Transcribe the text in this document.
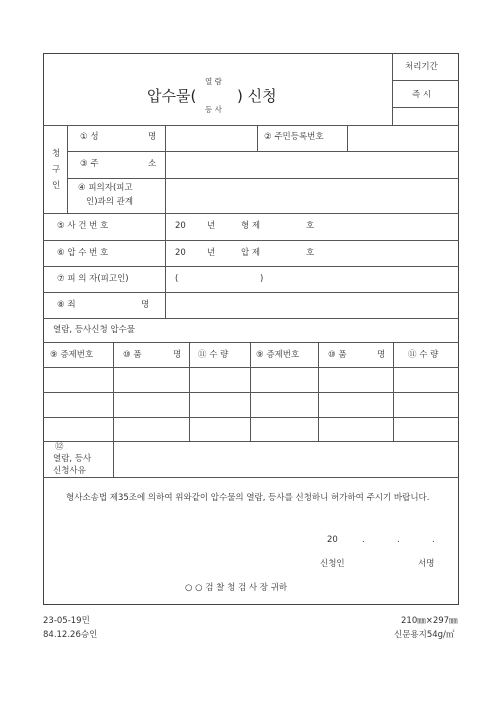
압수물(
열 람
등 사
) 신청
처리기간
즉 시
청
구
인
① 성	명	② 주민등록번호
③ 주	소
④ 피의자(피고
인)과의 관계
⑤ 사 건 번 호	20 년	형 제	호
⑥ 압 수 번 호	20 년	압 제	호
⑦ 피 의 자(피고인)	(	)
⑧ 죄	명
열람, 등사신청 압수물
⑨ 증제번호	⑩ 품	명 ⑪ 수 량	⑨ 증제번호	⑩ 품	명	⑪ 수 량
⑫
열람, 등사
신청사유
형사소송법 제35조에 의하여 위와같이 압수물의 열람, 등사를 신청하니 허가하여 주시기 바랍니다.
20	.	.	.
신청인	서명
○ ○ 검 찰 청 검 사 장 귀하
23-05-19민
84.12.26승인
210㎜×297㎜
신문용지54g/㎡
